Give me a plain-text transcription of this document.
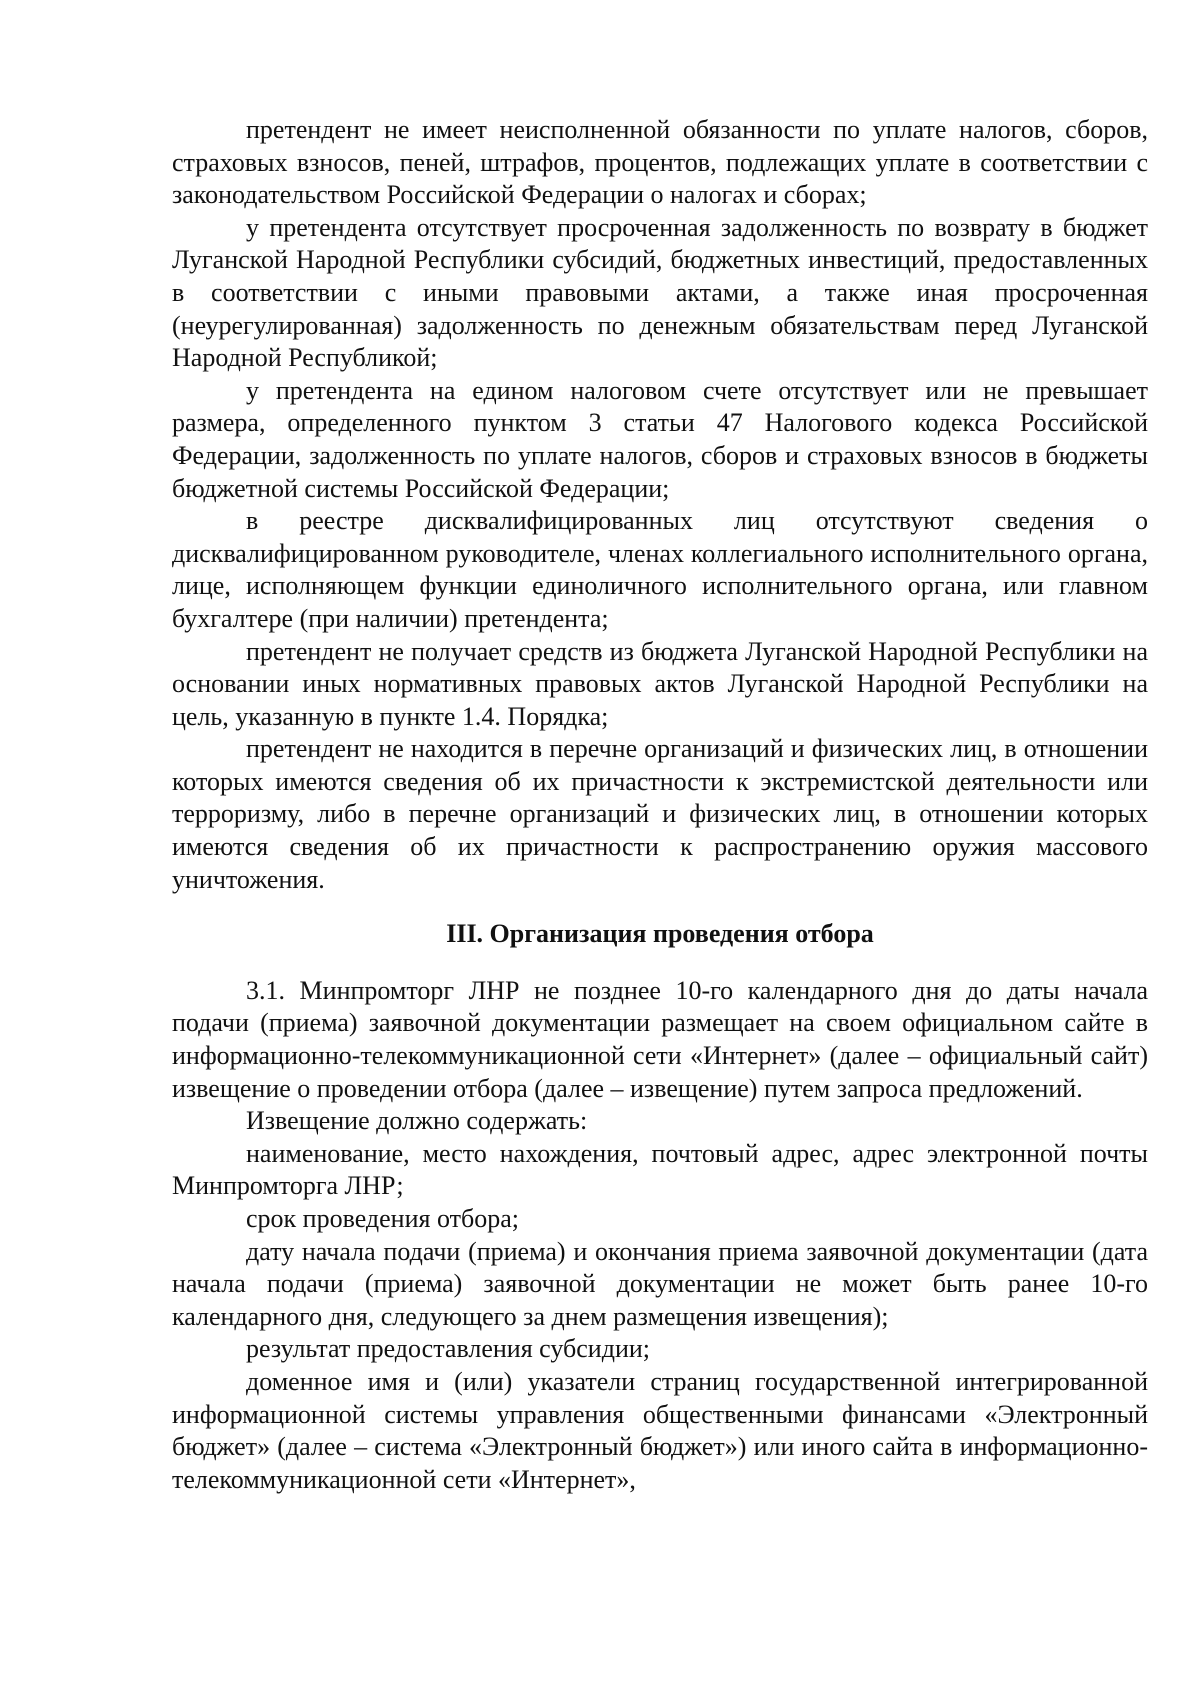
претендент не имеет неисполненной обязанности по уплате налогов, сборов, страховых взносов, пеней, штрафов, процентов, подлежащих уплате в соответствии с законодательством Российской Федерации о налогах и сборах;

у претендента отсутствует просроченная задолженность по возврату в бюджет Луганской Народной Республики субсидий, бюджетных инвестиций, предоставленных в соответствии с иными правовыми актами, а также иная просроченная (неурегулированная) задолженность по денежным обязательствам перед Луганской Народной Республикой;

у претендента на едином налоговом счете отсутствует или не превышает размера, определенного пунктом 3 статьи 47 Налогового кодекса Российской Федерации, задолженность по уплате налогов, сборов и страховых взносов в бюджеты бюджетной системы Российской Федерации;

в реестре дисквалифицированных лиц отсутствуют сведения о дисквалифицированном руководителе, членах коллегиального исполнительного органа, лице, исполняющем функции единоличного исполнительного органа, или главном бухгалтере (при наличии) претендента;

претендент не получает средств из бюджета Луганской Народной Республики на основании иных нормативных правовых актов Луганской Народной Республики на цель, указанную в пункте 1.4. Порядка;

претендент не находится в перечне организаций и физических лиц, в отношении которых имеются сведения об их причастности к экстремистской деятельности или терроризму, либо в перечне организаций и физических лиц, в отношении которых имеются сведения об их причастности к распространению оружия массового уничтожения.

III. Организация проведения отбора

3.1. Минпромторг ЛНР не позднее 10-го календарного дня до даты начала подачи (приема) заявочной документации размещает на своем официальном сайте в информационно-телекоммуникационной сети «Интернет» (далее – официальный сайт) извещение о проведении отбора (далее – извещение) путем запроса предложений.

Извещение должно содержать:

наименование, место нахождения, почтовый адрес, адрес электронной почты Минпромторга ЛНР;

срок проведения отбора;

дату начала подачи (приема) и окончания приема заявочной документации (дата начала подачи (приема) заявочной документации не может быть ранее 10-го календарного дня, следующего за днем размещения извещения);

результат предоставления субсидии;

доменное имя и (или) указатели страниц государственной интегрированной информационной системы управления общественными финансами «Электронный бюджет» (далее – система «Электронный бюджет») или иного сайта в информационно-телекоммуникационной сети «Интернет»,
